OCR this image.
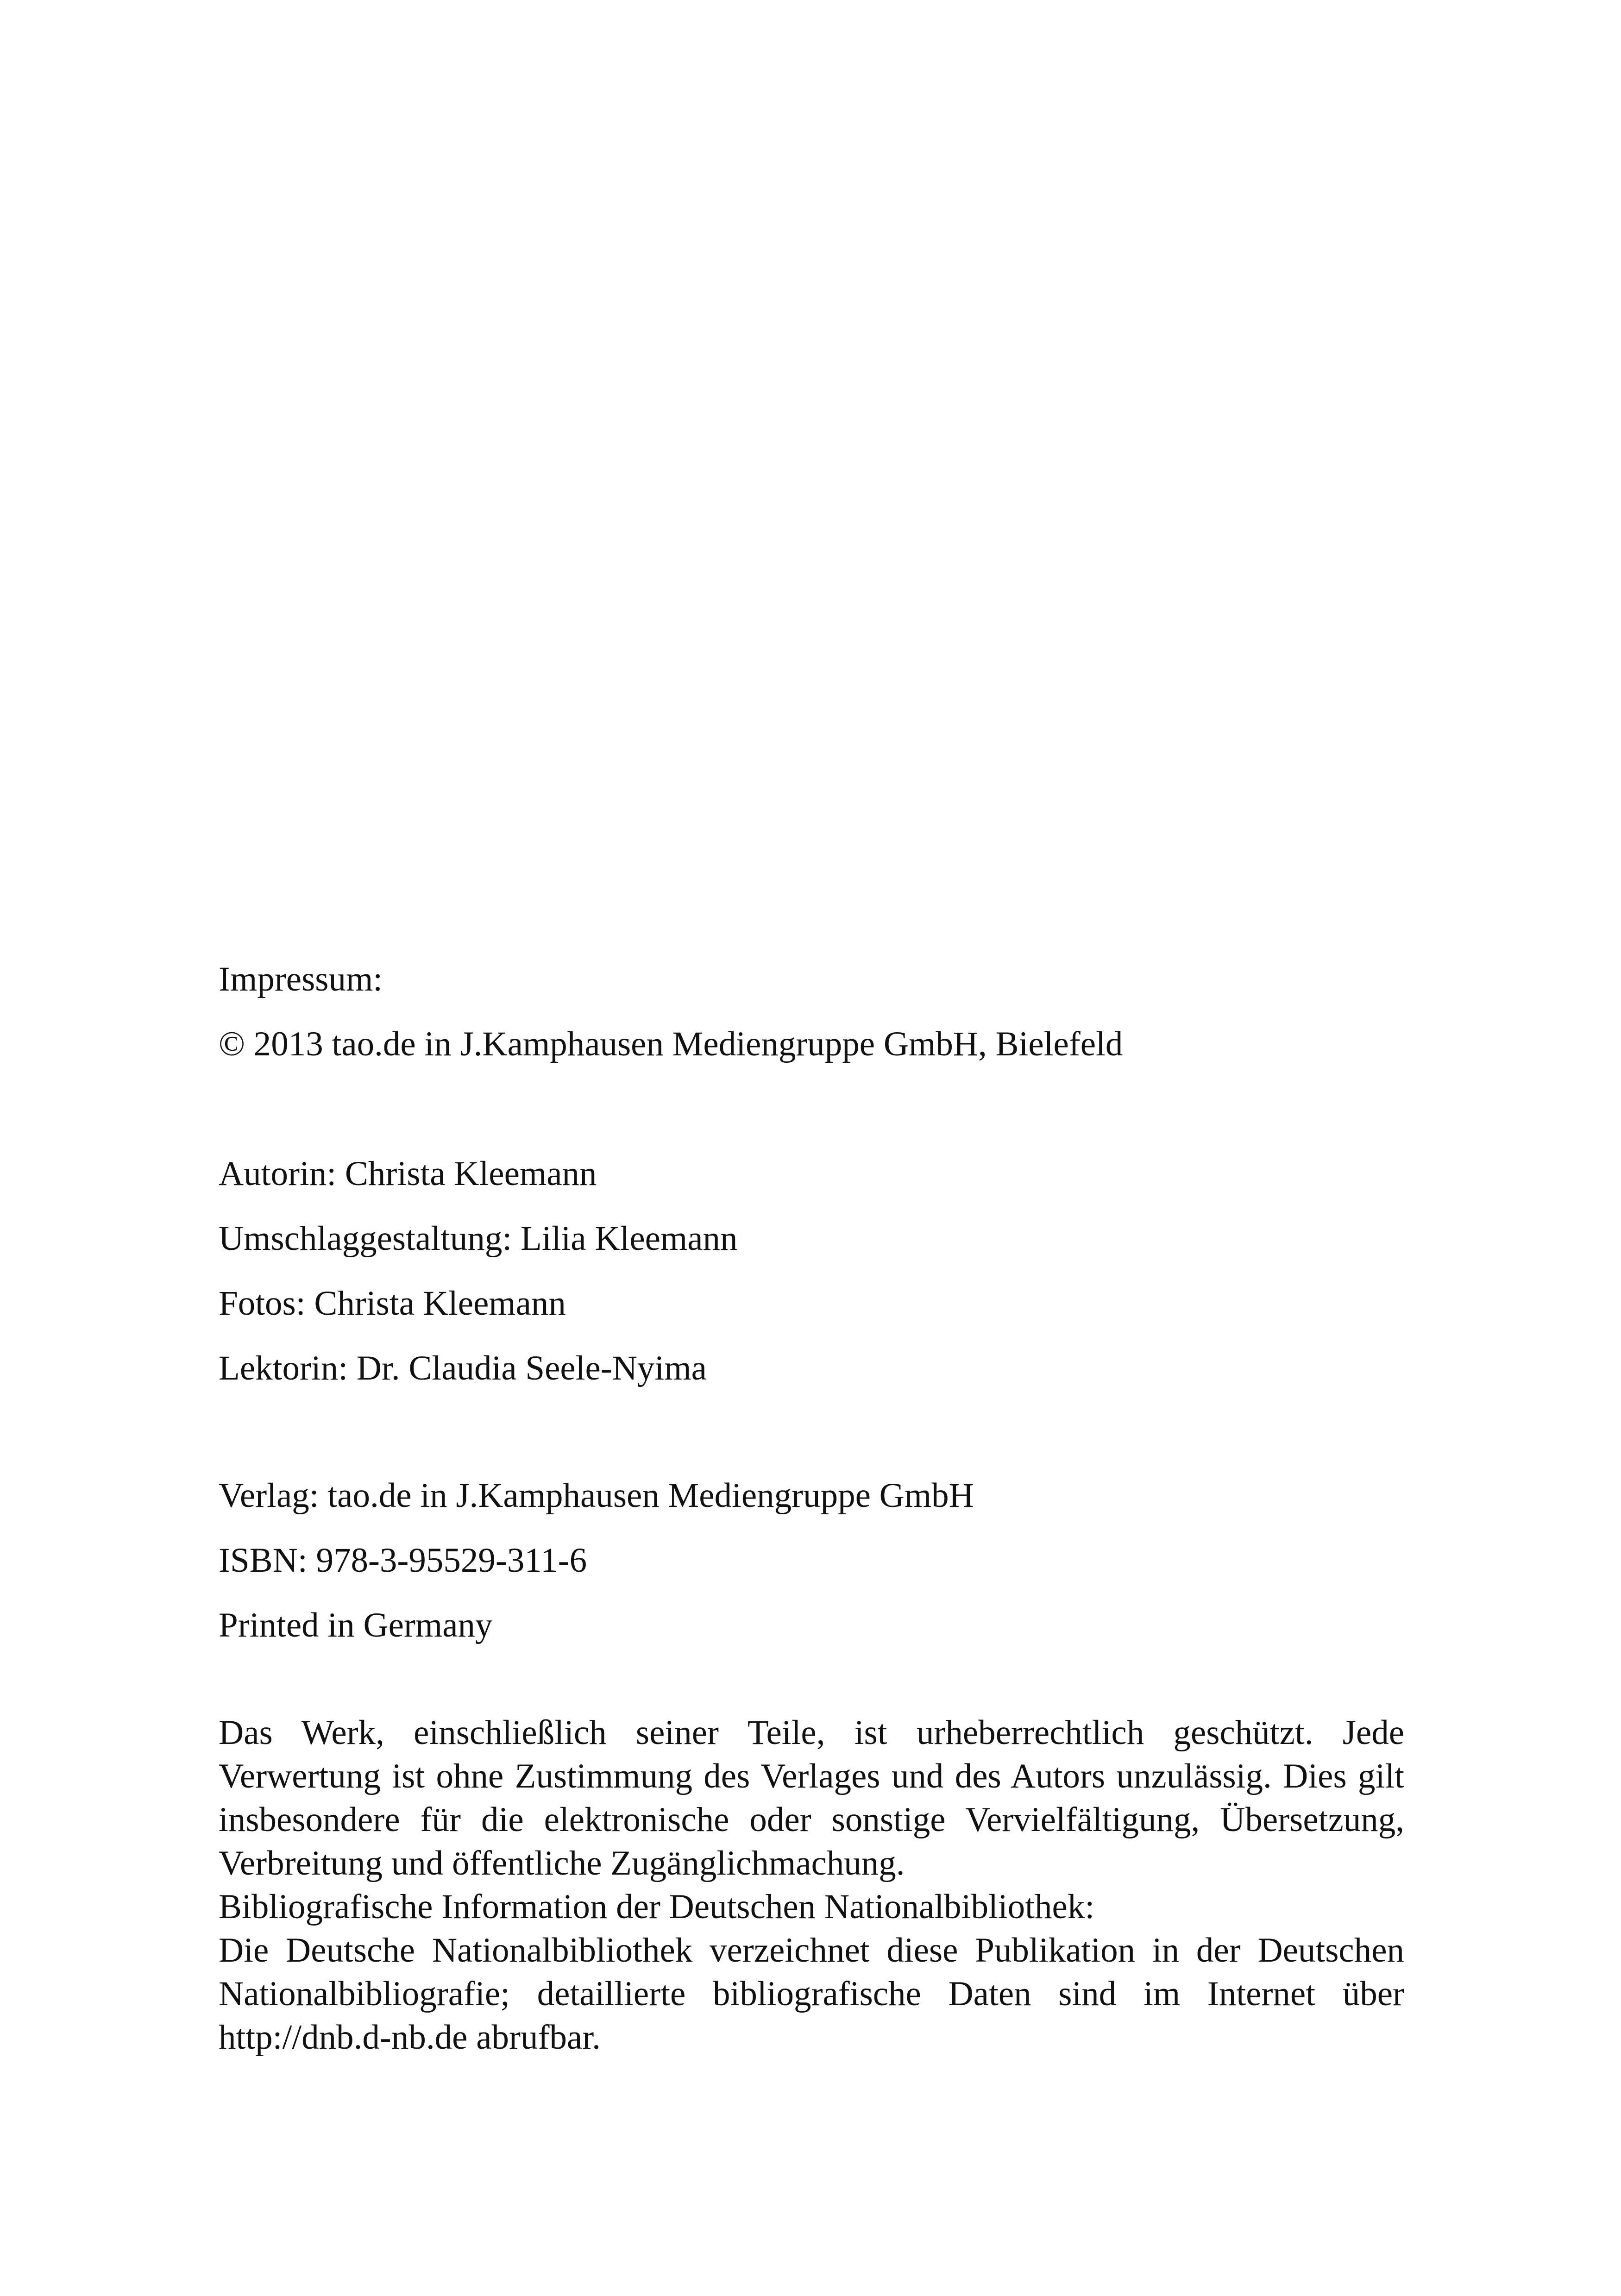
Impressum:
© 2013 tao.de in J.Kamphausen Mediengruppe GmbH, Bielefeld
Autorin: Christa Kleemann
Umschlaggestaltung: Lilia Kleemann
Fotos: Christa Kleemann
Lektorin: Dr. Claudia Seele-Nyima
Verlag: tao.de in J.Kamphausen Mediengruppe GmbH
ISBN: 978-3-95529-311-6
Printed in Germany

Das Werk, einschließlich seiner Teile, ist urheberrechtlich geschützt. Jede Verwertung ist ohne Zustimmung des Verlages und des Autors unzulässig. Dies gilt insbesondere für die elektronische oder sonstige Vervielfältigung, Übersetzung, Verbreitung und öffentliche Zugänglichmachung.

Bibliografische Information der Deutschen Nationalbibliothek:

Die Deutsche Nationalbibliothek verzeichnet diese Publikation in der Deutschen Nationalbibliografie; detaillierte bibliografische Daten sind im Internet über http://dnb.d-nb.de abrufbar.
